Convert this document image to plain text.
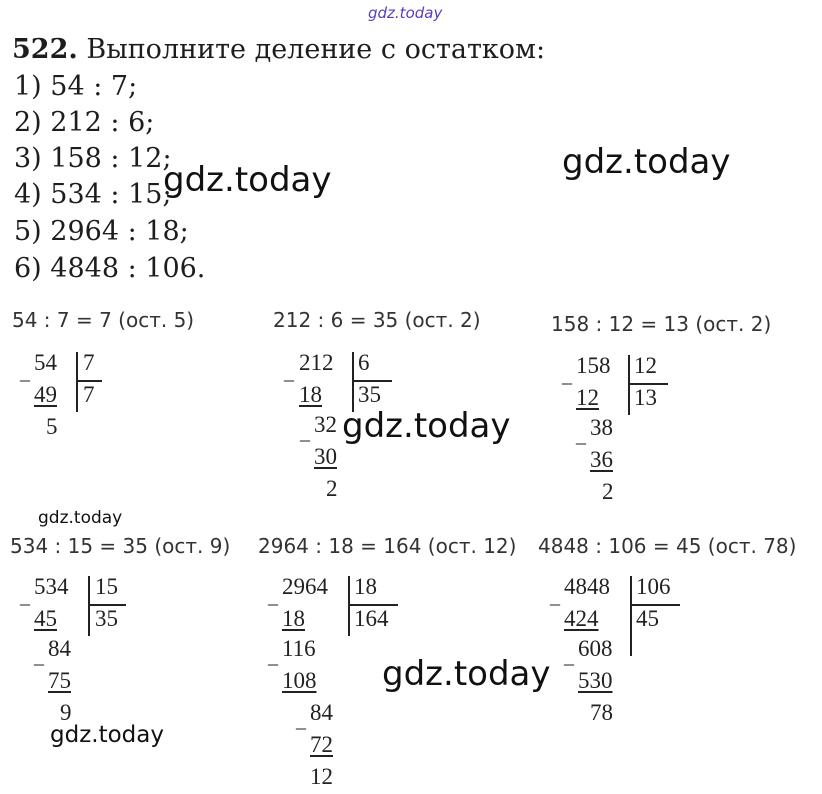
gdz.today
522. Выполните деление с остатком:
1) 54 : 7;
2) 212 : 6;
3) 158 : 12;
4) 534 : 15;
5) 2964 : 18;
6) 4848 : 106.
54 : 7 = 7 (ост. 5)	212 : 6 = 35 (ост. 2)	158 : 12 = 13 (ост. 2)
_ 54 7
7
49
5
_ 212 6
35
18
_ 32
30
2
_ 158 12
13
12
_ 38
36
2
534 : 15 = 35 (ост. 9) 2964 : 18 = 164 (ост. 12) 4848 : 106 = 45 (ост. 78)
_ 534 15
35
45
_ 84
75
9
_ 2964 18
164
18
_ 116
108
_ 84
72
12
_ 4848 106
45
424
_ 608
530
78
gdz.today	gdz.today
gdz.today
gdz.today
gdz.today
gdz.today
